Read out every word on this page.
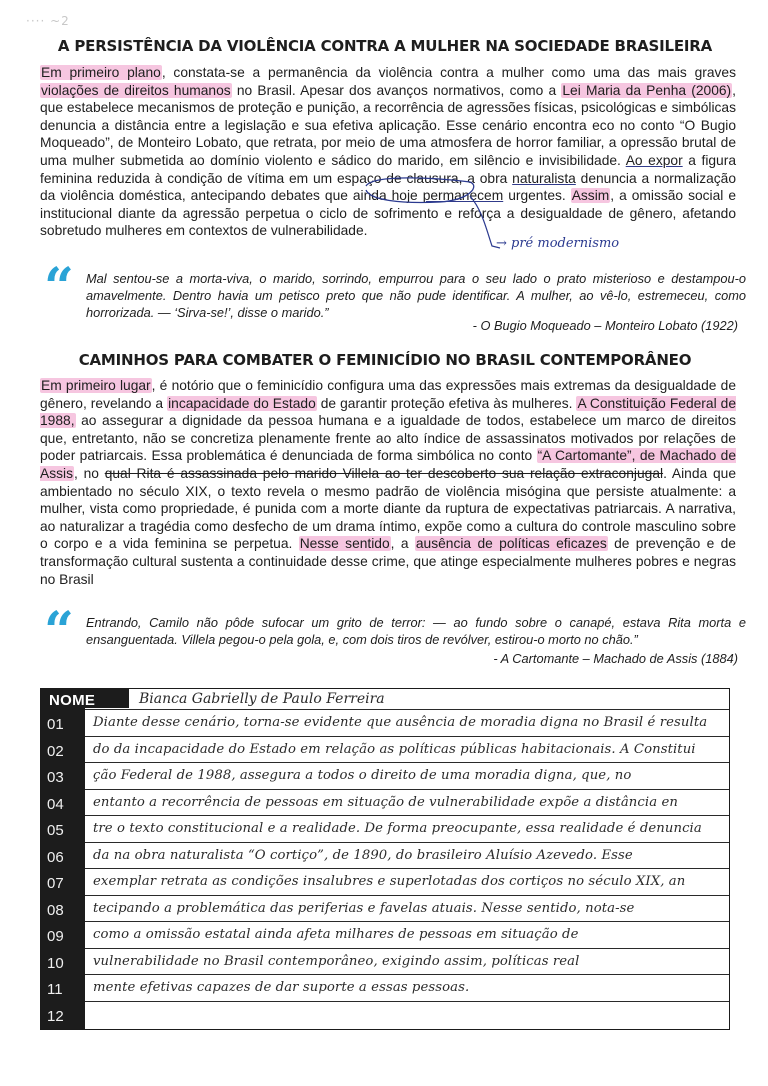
···· ~2
A PERSISTÊNCIA DA VIOLÊNCIA CONTRA A MULHER NA SOCIEDADE BRASILEIRA

Em primeiro plano, constata-se a permanência da violência contra a mulher como uma das mais graves violações de direitos humanos no Brasil. Apesar dos avanços normativos, como a Lei Maria da Penha (2006), que estabelece mecanismos de proteção e punição, a recorrência de agressões físicas, psicológicas e simbólicas denuncia a distância entre a legislação e sua efetiva aplicação. Esse cenário encontra eco no conto “O Bugio Moqueado”, de Monteiro Lobato, que retrata, por meio de uma atmosfera de horror familiar, a opressão brutal de uma mulher submetida ao domínio violento e sádico do marido, em silêncio e invisibilidade. Ao expor a figura feminina reduzida à condição de vítima em um espaço de clausura, a obra naturalista denuncia a normalização da violência doméstica, antecipando debates que ainda hoje permanecem urgentes. Assim, a omissão social e institucional diante da agressão perpetua o ciclo de sofrimento e reforça a desigualdade de gênero, afetando sobretudo mulheres em contextos de vulnerabilidade.

→ pré modernismo
“ Mal sentou-se a morta-viva, o marido, sorrindo, empurrou para o seu lado o prato misterioso e destampou-o amavelmente. Dentro havia um petisco preto que não pude identificar. A mulher, ao vê-lo, estremeceu, como horrorizada. — ‘Sirva-se!’, disse o marido.”

- O Bugio Moqueado – Monteiro Lobato (1922)
CAMINHOS PARA COMBATER O FEMINICÍDIO NO BRASIL CONTEMPORÂNEO

Em primeiro lugar, é notório que o feminicídio configura uma das expressões mais extremas da desigualdade de gênero, revelando a incapacidade do Estado de garantir proteção efetiva às mulheres. A Constituição Federal de 1988, ao assegurar a dignidade da pessoa humana e a igualdade de todos, estabelece um marco de direitos que, entretanto, não se concretiza plenamente frente ao alto índice de assassinatos motivados por relações de poder patriarcais. Essa problemática é denunciada de forma simbólica no conto “A Cartomante”, de Machado de Assis, no qual Rita é assassinada pelo marido Villela ao ter descoberto sua relação extraconjugal. Ainda que ambientado no século XIX, o texto revela o mesmo padrão de violência misógina que persiste atualmente: a mulher, vista como propriedade, é punida com a morte diante da ruptura de expectativas patriarcais. A narrativa, ao naturalizar a tragédia como desfecho de um drama íntimo, expõe como a cultura do controle masculino sobre o corpo e a vida feminina se perpetua. Nesse sentido, a ausência de políticas eficazes de prevenção e de transformação cultural sustenta a continuidade desse crime, que atinge especialmente mulheres pobres e negras no Brasil

“ Entrando, Camilo não pôde sufocar um grito de terror: — ao fundo sobre o canapé, estava Rita morta e ensanguentada. Villela pegou-o pela gola, e, com dois tiros de revólver, estirou-o morto no chão.”

- A Cartomante – Machado de Assis (1884)
NOME	Bianca Gabrielly de Paulo Ferreira
01 Diante desse cenário, torna-se evidente que ausência de moradia digna no Brasil é resulta
02 do da incapacidade do Estado em relação as políticas públicas habitacionais. A Constitui
03 ção Federal de 1988, assegura a todos o direito de uma moradia digna, que, no
04 entanto a recorrência de pessoas em situação de vulnerabilidade expõe a distância en
05 tre o texto constitucional e a realidade. De forma preocupante, essa realidade é denuncia
06 da na obra naturalista “O cortiço”, de 1890, do brasileiro Aluísio Azevedo. Esse
07 exemplar retrata as condições insalubres e superlotadas dos cortiços no século XIX, an
08 tecipando a problemática das periferias e favelas atuais. Nesse sentido, nota-se
09 como a omissão estatal ainda afeta milhares de pessoas em situação de
10 vulnerabilidade no Brasil contemporâneo, exigindo assim, políticas real
11 mente efetivas capazes de dar suporte a essas pessoas.
12
